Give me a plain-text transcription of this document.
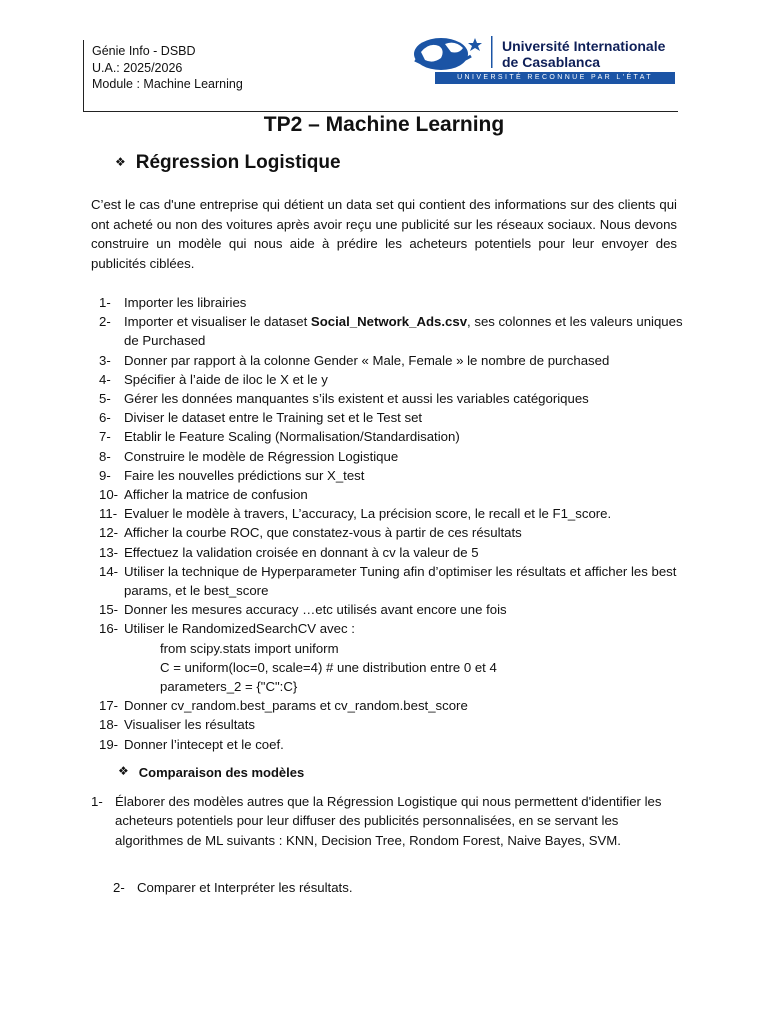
Génie Info - DSBD
U.A.: 2025/2026
Module : Machine Learning
Université Internationale
de Casablanca
UNIVERSITÉ RECONNUE PAR L'ÉTAT
TP2 – Machine Learning
❖ Régression Logistique
C’est le cas d'une entreprise qui détient un data set qui contient des informations sur des clients qui ont acheté ou non des voitures après avoir reçu une publicité sur les réseaux sociaux. Nous devons construire un modèle qui nous aide à prédire les acheteurs potentiels pour leur envoyer des publicités ciblées.
1-	Importer les librairies
2-	Importer et visualiser le dataset Social_Network_Ads.csv, ses colonnes et les valeurs uniques de Purchased
3-	Donner par rapport à la colonne Gender « Male, Female » le nombre de purchased
4-	Spécifier à l’aide de iloc le X et le y
5-	Gérer les données manquantes s’ils existent et aussi les variables catégoriques
6-	Diviser le dataset entre le Training set et le Test set
7-	Etablir le Feature Scaling (Normalisation/Standardisation)
8-	Construire le modèle de Régression Logistique
9-	Faire les nouvelles prédictions sur X_test
10- Afficher la matrice de confusion
11- Evaluer le modèle à travers, L’accuracy, La précision score, le recall et le F1_score.
12- Afficher la courbe ROC, que constatez-vous à partir de ces résultats
13- Effectuez la validation croisée en donnant à cv la valeur de 5
14- Utiliser la technique de Hyperparameter Tuning afin d’optimiser les résultats et afficher les best params, et le best_score
15- Donner les mesures accuracy …etc utilisés avant encore une fois
16- Utiliser le RandomizedSearchCV avec :
from scipy.stats import uniform
C = uniform(loc=0, scale=4) # une distribution entre 0 et 4
parameters_2 = {"C":C}
17- Donner cv_random.best_params et cv_random.best_score
18- Visualiser les résultats
19- Donner l’intecept et le coef.
❖ Comparaison des modèles
1- Élaborer des modèles autres que la Régression Logistique qui nous permettent d'identifier les acheteurs potentiels pour leur diffuser des publicités personnalisées, en se servant les algorithmes de ML suivants : KNN, Decision Tree, Rondom Forest, Naive Bayes, SVM.
2- Comparer et Interpréter les résultats.
